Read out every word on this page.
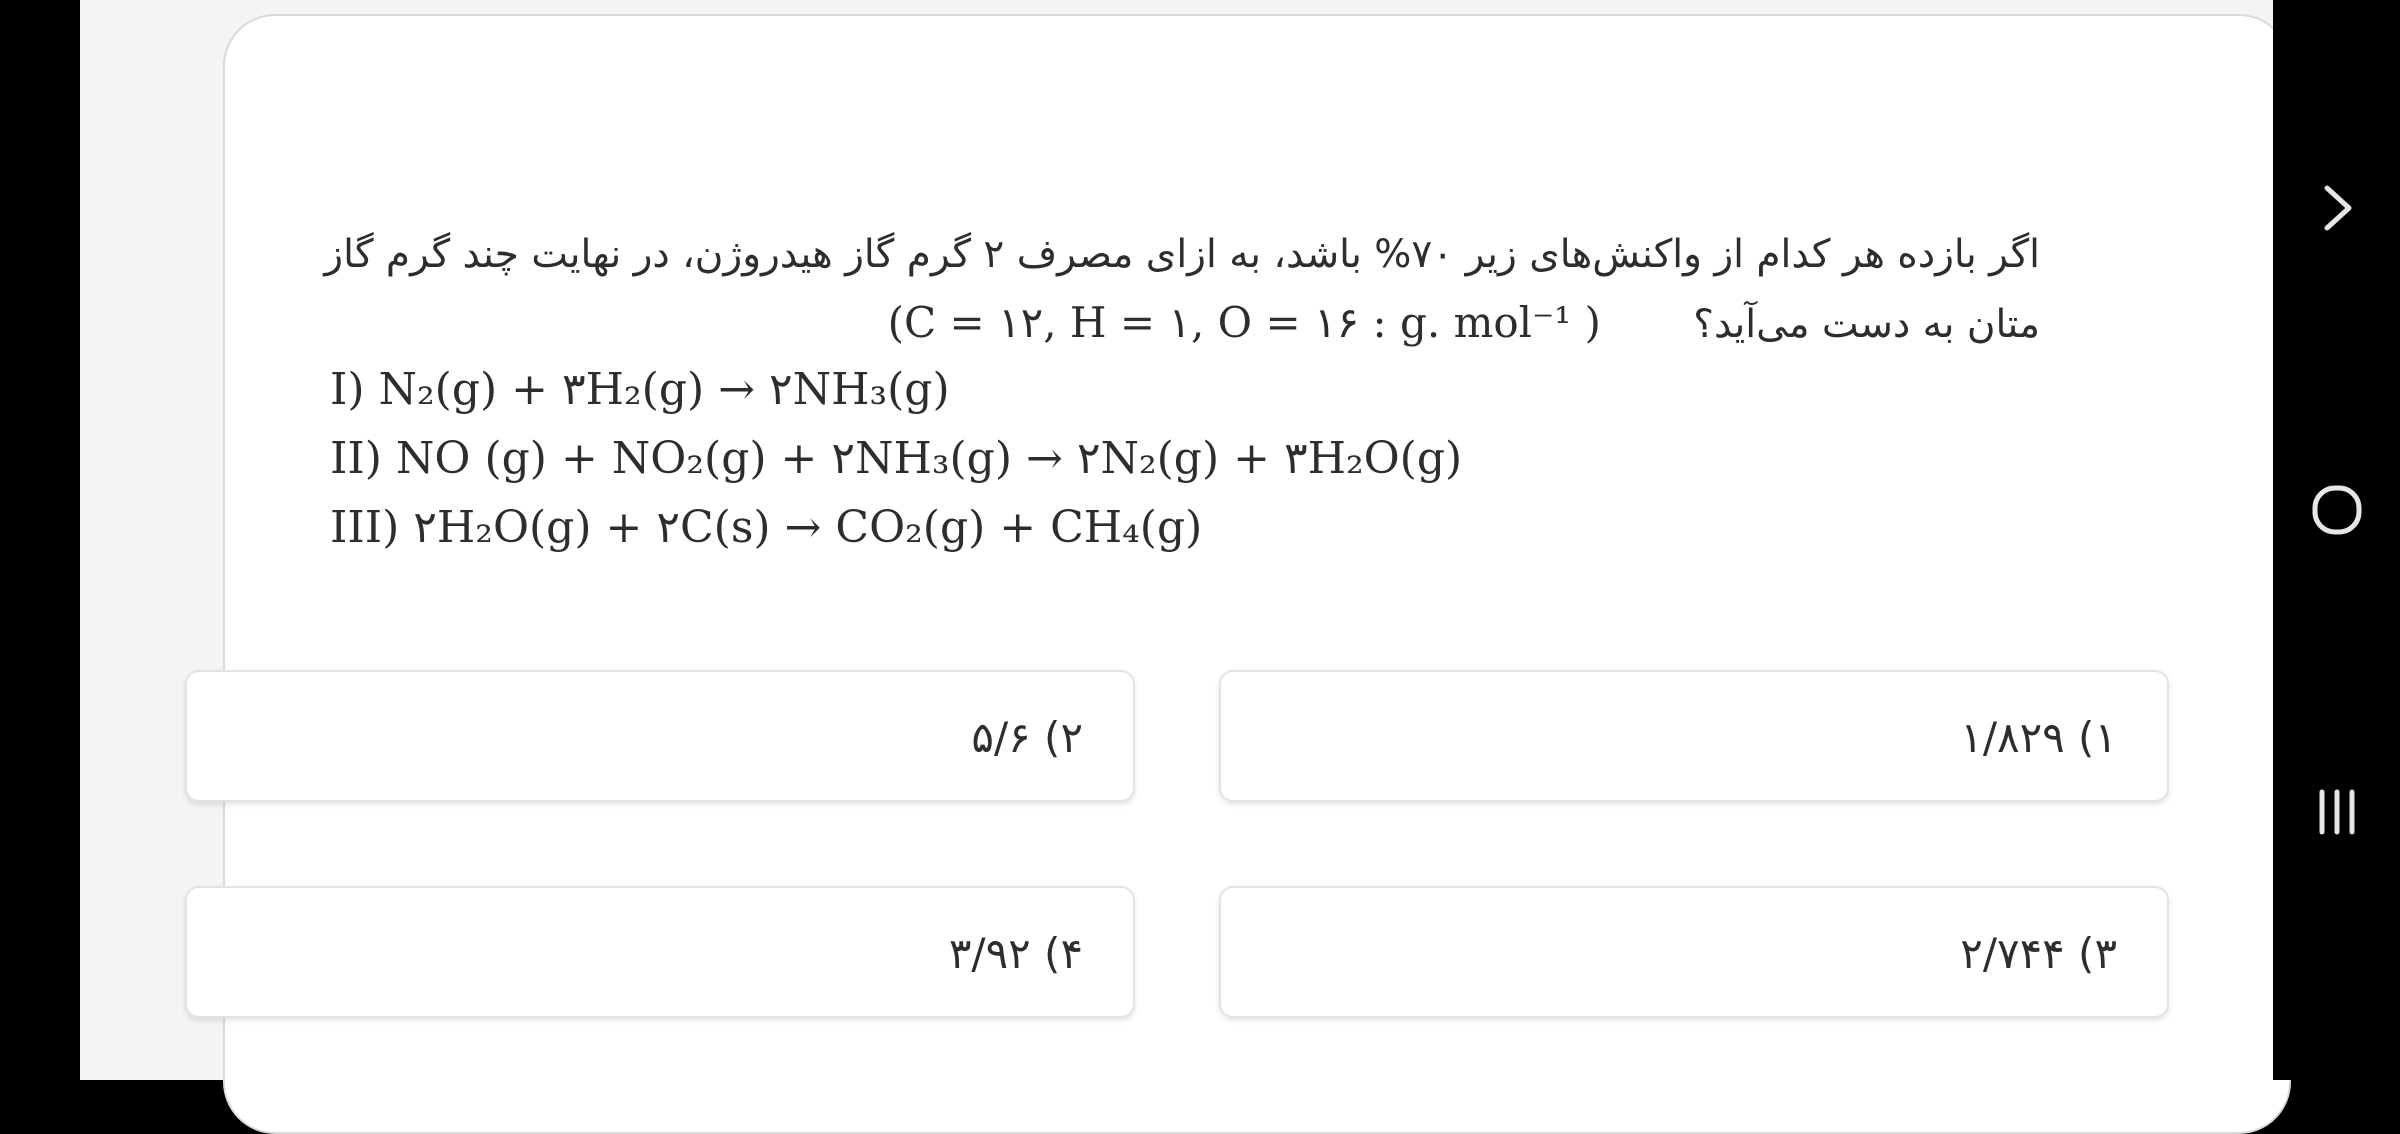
اگر بازده هر کدام از واکنش‌های زیر ۷۰% باشد، به ازای مصرف ۲ گرم گاز هیدروژن، در نهایت چند گرم گاز
متان به دست می‌آید؟ (C = ۱۲, H = ۱, O = ۱۶ : g. mol⁻¹ )
I) N₂(g) + ۳H₂(g) → ۲NH₃(g)
II) NO (g) + NO₂(g) + ۲NH₃(g) → ۲N₂(g) + ۳H₂O(g)
III) ۲H₂O(g) + ۲C(s) → CO₂(g) + CH₄(g)
۱) ۱/۸۲۹
۲) ۵/۶
۳) ۲/۷۴۴
۴) ۳/۹۲
